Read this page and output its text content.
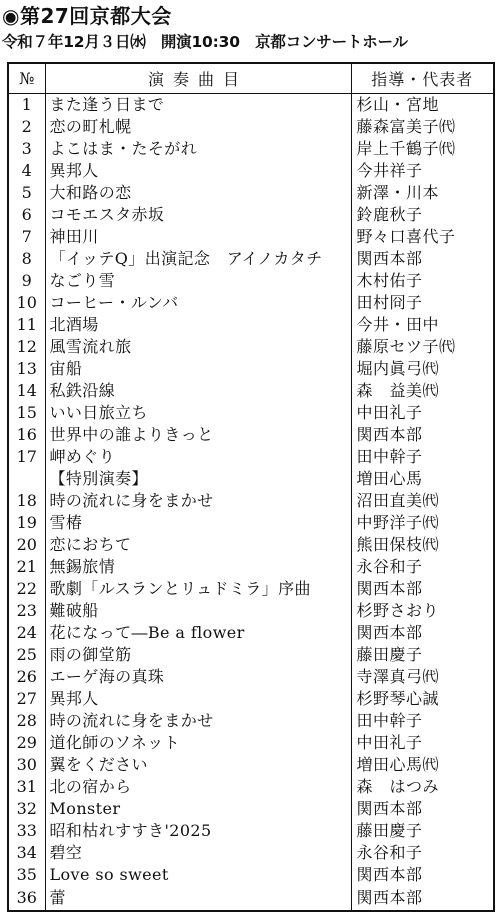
◉第27回京都大会
令和７年12月３日㈬　開演10:30　京都コンサートホール
№	演奏曲目	指導・代表者
1	また逢う日まで	杉山・宮地
2	恋の町札幌	藤森富美子㈹
3	よこはま・たそがれ	岸上千鶴子㈹
4	異邦人	今井祥子
5	大和路の恋	新澤・川本
6	コモエスタ赤坂	鈴鹿秋子
7	神田川	野々口喜代子
8	「イッテQ」出演記念　アイノカタチ	関西本部
9	なごり雪	木村佑子
10	コーヒー・ルンバ	田村冏子
11	北酒場	今井・田中
12	風雪流れ旅	藤原セツ子㈹
13	宙船	堀内眞弓㈹
14	私鉄沿線	森　益美㈹
15	いい日旅立ち	中田礼子
16	世界中の誰よりきっと	関西本部
17	岬めぐり	田中幹子
	【特別演奏】	増田心馬
18	時の流れに身をまかせ	沼田直美㈹
19	雪椿	中野洋子㈹
20	恋におちて	熊田保枝㈹
21	無錫旅情	永谷和子
22	歌劇「ルスランとリュドミラ」序曲	関西本部
23	難破船	杉野さおり
24	花になって―Be a flower	関西本部
25	雨の御堂筋	藤田慶子
26	エーゲ海の真珠	寺澤真弓㈹
27	異邦人	杉野琴心誠
28	時の流れに身をまかせ	田中幹子
29	道化師のソネット	中田礼子
30	翼をください	増田心馬㈹
31	北の宿から	森　はつみ
32	Monster	関西本部
33	昭和枯れすすき'2025	藤田慶子
34	碧空	永谷和子
35	Love so sweet	関西本部
36	蕾	関西本部
